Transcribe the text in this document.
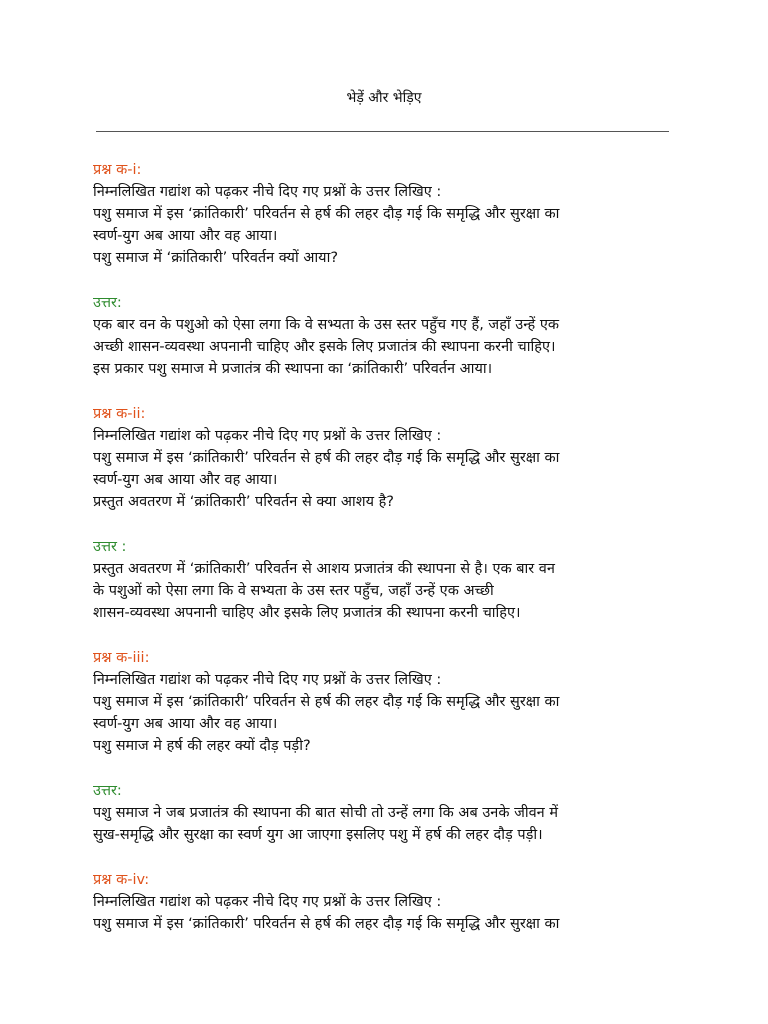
भेड़ें और भेड़िए
प्रश्न क-i:
निम्नलिखित गद्यांश को पढ़कर नीचे दिए गए प्रश्नों के उत्तर लिखिए :
पशु समाज में इस ‘क्रांतिकारी’ परिवर्तन से हर्ष की लहर दौड़ गई कि समृद्धि और सुरक्षा का
स्वर्ण-युग अब आया और वह आया।
पशु समाज में ‘क्रांतिकारी’ परिवर्तन क्यों आया?
उत्तर:
एक बार वन के पशुओ को ऐसा लगा कि वे सभ्यता के उस स्तर पहुँच गए हैं, जहाँ उन्हें एक
अच्छी शासन-व्यवस्था अपनानी चाहिए और इसके लिए प्रजातंत्र की स्थापना करनी चाहिए।
इस प्रकार पशु समाज मे प्रजातंत्र की स्थापना का ‘क्रांतिकारी’ परिवर्तन आया।
प्रश्न क-ii:
निम्नलिखित गद्यांश को पढ़कर नीचे दिए गए प्रश्नों के उत्तर लिखिए :
पशु समाज में इस ‘क्रांतिकारी’ परिवर्तन से हर्ष की लहर दौड़ गई कि समृद्धि और सुरक्षा का
स्वर्ण-युग अब आया और वह आया।
प्रस्तुत अवतरण में ‘क्रांतिकारी’ परिवर्तन से क्या आशय है?
उत्तर :
प्रस्तुत अवतरण में ‘क्रांतिकारी’ परिवर्तन से आशय प्रजातंत्र की स्थापना से है। एक बार वन
के पशुओं को ऐसा लगा कि वे सभ्यता के उस स्तर पहुँच, जहाँ उन्हें एक अच्छी
शासन-व्यवस्था अपनानी चाहिए और इसके लिए प्रजातंत्र की स्थापना करनी चाहिए।
प्रश्न क-iii:
निम्नलिखित गद्यांश को पढ़कर नीचे दिए गए प्रश्नों के उत्तर लिखिए :
पशु समाज में इस ‘क्रांतिकारी’ परिवर्तन से हर्ष की लहर दौड़ गई कि समृद्धि और सुरक्षा का
स्वर्ण-युग अब आया और वह आया।
पशु समाज मे हर्ष की लहर क्यों दौड़ पड़ी?
उत्तर:
पशु समाज ने जब प्रजातंत्र की स्थापना की बात सोची तो उन्हें लगा कि अब उनके जीवन में
सुख-समृद्धि और सुरक्षा का स्वर्ण युग आ जाएगा इसलिए पशु में हर्ष की लहर दौड़ पड़ी।
प्रश्न क-iv:
निम्नलिखित गद्यांश को पढ़कर नीचे दिए गए प्रश्नों के उत्तर लिखिए :
पशु समाज में इस ‘क्रांतिकारी’ परिवर्तन से हर्ष की लहर दौड़ गई कि समृद्धि और सुरक्षा का
